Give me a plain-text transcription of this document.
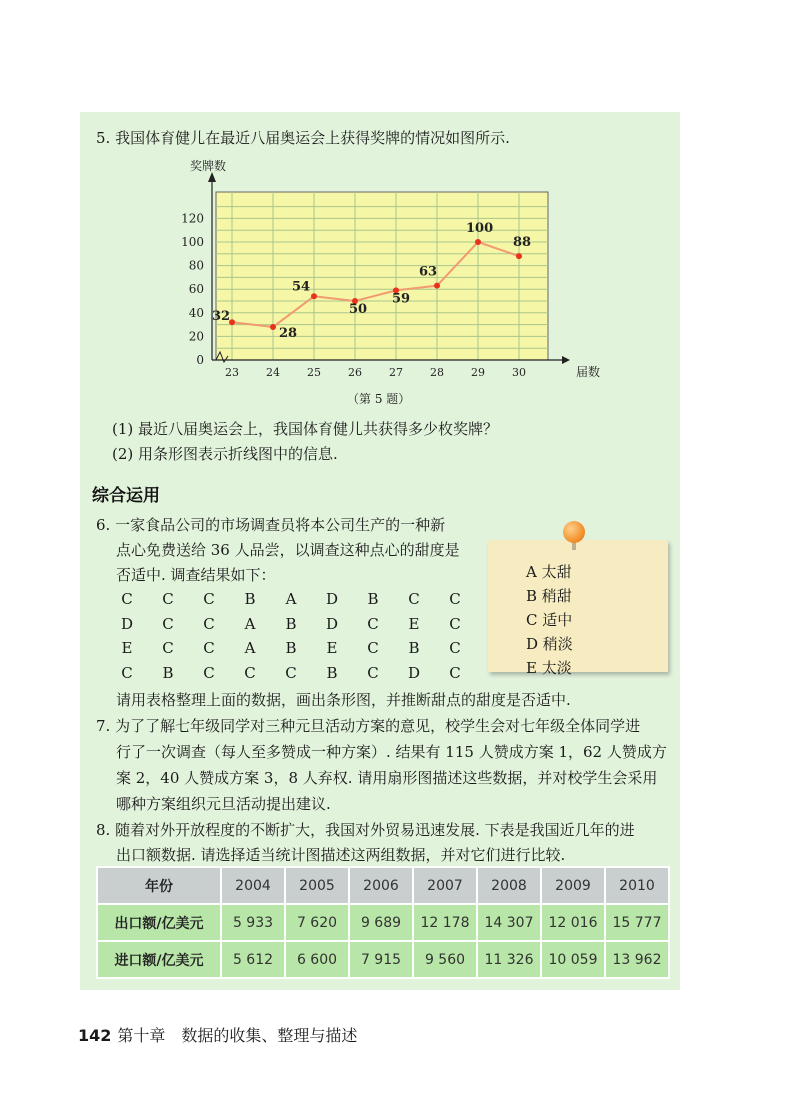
5. 我国体育健儿在最近八届奥运会上获得奖牌的情况如图所示.
0
20
40
60
80
100
120
23 24 25 26 27 28 29 30
奖牌数
届数
32
28
54
50
59
63
100
88
（第 5 题）
(1) 最近八届奥运会上，我国体育健儿共获得多少枚奖牌？
(2) 用条形图表示折线图中的信息.
综合运用
6. 一家食品公司的市场调查员将本公司生产的一种新
点心免费送给 36 人品尝，以调查这种点心的甜度是
否适中. 调查结果如下：
C C C B	A	D B C C
D C C	A	B D C	E	C
E	C C	A	B	E	C B C
C B C C C B C D C
A 太甜
B 稍甜
C 适中
D 稍淡
E 太淡
请用表格整理上面的数据，画出条形图，并推断甜点的甜度是否适中.
7. 为了了解七年级同学对三种元旦活动方案的意见，校学生会对七年级全体同学进
行了一次调查（每人至多赞成一种方案）. 结果有 115 人赞成方案 1，62 人赞成方
案 2，40 人赞成方案 3，8 人弃权. 请用扇形图描述这些数据，并对校学生会采用
哪种方案组织元旦活动提出建议.
8. 随着对外开放程度的不断扩大，我国对外贸易迅速发展. 下表是我国近几年的进
出口额数据. 请选择适当统计图描述这两组数据，并对它们进行比较.
年份	2004	2005	2006	2007	2008	2009	2010
出口额/亿美元	5 933	7 620	9 689	12 178	14 307	12 016	15 777
进口额/亿美元	5 612	6 600	7 915	9 560	11 326	10 059	13 962
142 第十章　数据的收集、整理与描述
